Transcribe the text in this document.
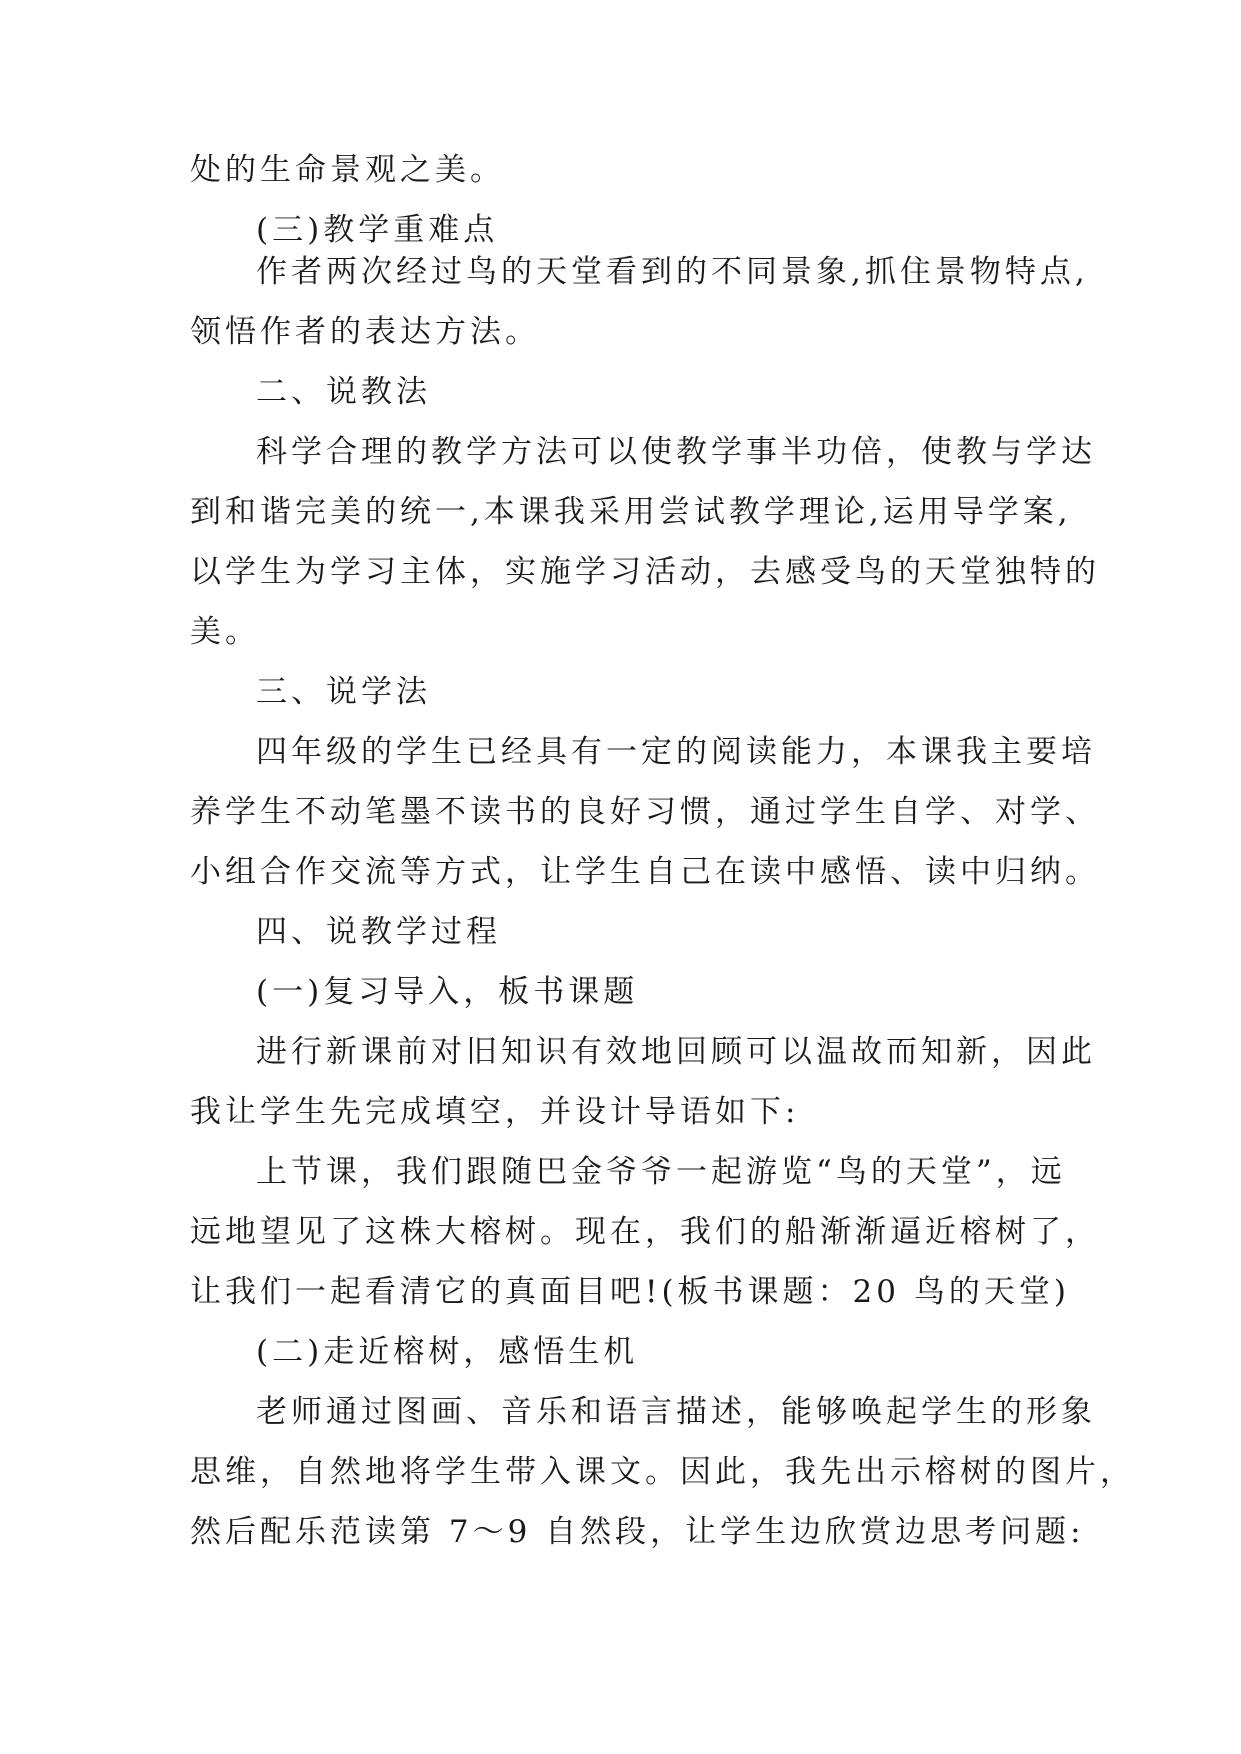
处的生命景观之美。
(三)教学重难点
作者两次经过鸟的天堂看到的不同景象,抓住景物特点,
领悟作者的表达方法。
二、说教法
科学合理的教学方法可以使教学事半功倍，使教与学达
到和谐完美的统一,本课我采用尝试教学理论,运用导学案,
以学生为学习主体，实施学习活动，去感受鸟的天堂独特的
美。
三、说学法
四年级的学生已经具有一定的阅读能力，本课我主要培
养学生不动笔墨不读书的良好习惯，通过学生自学、对学、
小组合作交流等方式，让学生自己在读中感悟、读中归纳。
四、说教学过程
(一)复习导入，板书课题
进行新课前对旧知识有效地回顾可以温故而知新，因此
我让学生先完成填空，并设计导语如下:
上节课，我们跟随巴金爷爷一起游览“鸟的天堂”，远
远地望见了这株大榕树。现在，我们的船渐渐逼近榕树了，
让我们一起看清它的真面目吧!(板书课题：20 鸟的天堂)
(二)走近榕树，感悟生机
老师通过图画、音乐和语言描述，能够唤起学生的形象
思维，自然地将学生带入课文。因此，我先出示榕树的图片，
然后配乐范读第 7～9 自然段，让学生边欣赏边思考问题:
